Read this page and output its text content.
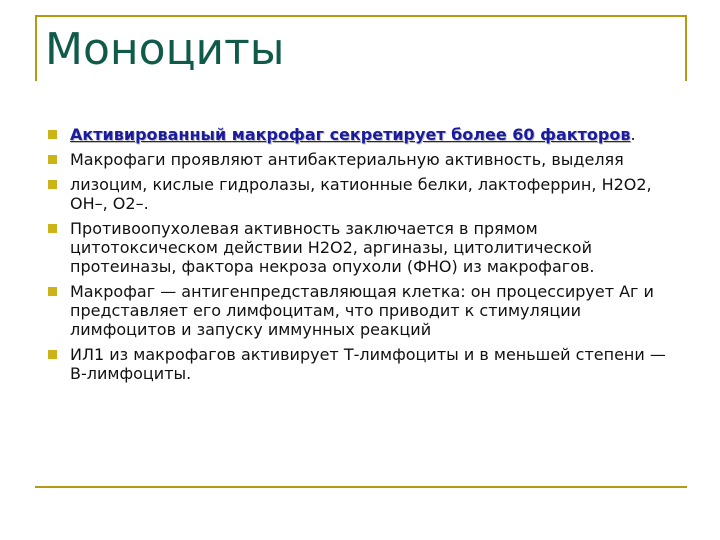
Моноциты
Активированный макрофаг секретирует более 60 факторов.
Макрофаги проявляют антибактериальную активность, выделяя
лизоцим, кислые гидролазы, катионные белки, лактоферрин, H2O2, OH–, O2–.
Противоопухолевая активность заключается в прямом цитотоксическом действии H2O2, аргиназы, цитолитической протеиназы, фактора некроза опухоли (ФНО) из макрофагов.
Макрофаг — антигенпредставляющая клетка: он процессирует Аг и представляет его лимфоцитам, что приводит к стимуляции лимфоцитов и запуску иммунных реакций
ИЛ1 из макрофагов активирует Т-лимфоциты и в меньшей степени — В-лимфоциты.
